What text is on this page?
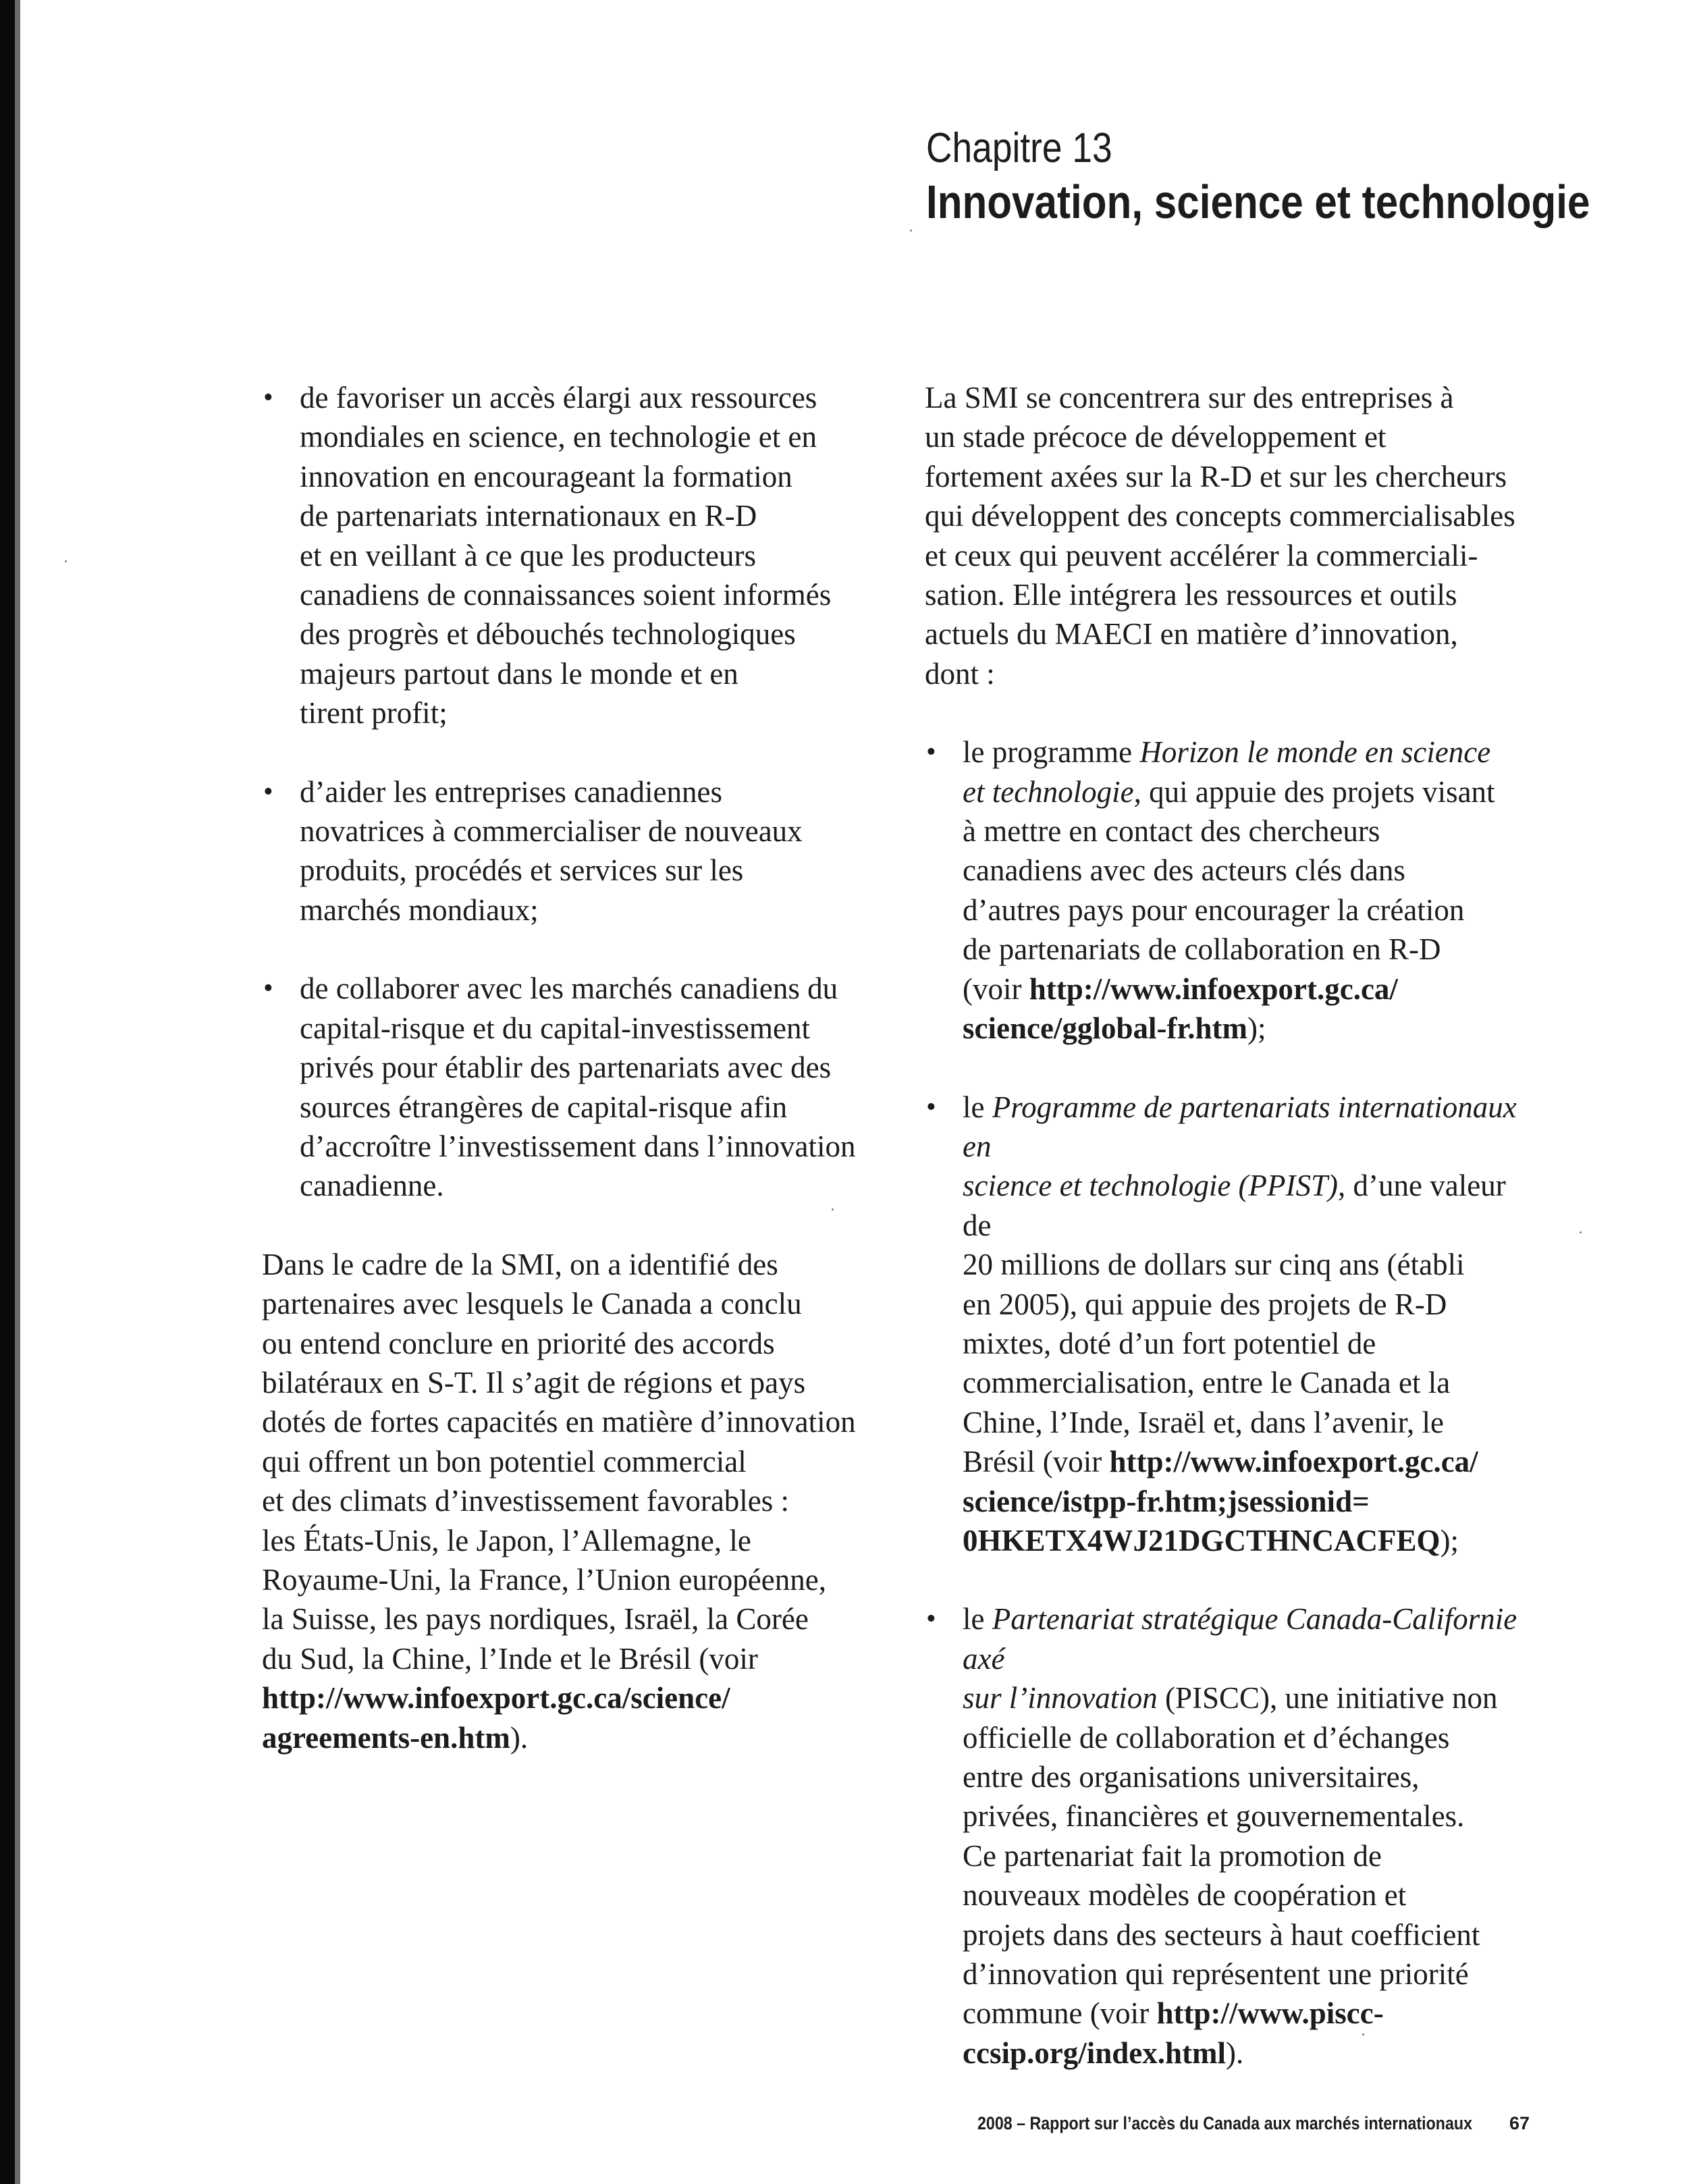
Chapitre 13
Innovation, science et technologie
• de favoriser un accès élargi aux ressources
mondiales en science, en technologie et en
innovation en encourageant la formation
de partenariats internationaux en R-D
et en veillant à ce que les producteurs
canadiens de connaissances soient informés
des progrès et débouchés technologiques
majeurs partout dans le monde et en
tirent profit;
• d’aider les entreprises canadiennes
novatrices à commercialiser de nouveaux
produits, procédés et services sur les
marchés mondiaux;
• de collaborer avec les marchés canadiens du
capital-risque et du capital-investissement
privés pour établir des partenariats avec des
sources étrangères de capital-risque afin
d’accroître l’investissement dans l’innovation
canadienne.

Dans le cadre de la SMI, on a identifié des
partenaires avec lesquels le Canada a conclu
ou entend conclure en priorité des accords
bilatéraux en S-T. Il s’agit de régions et pays
dotés de fortes capacités en matière d’innovation
qui offrent un bon potentiel commercial
et des climats d’investissement favorables :
les États-Unis, le Japon, l’Allemagne, le
Royaume-Uni, la France, l’Union européenne,
la Suisse, les pays nordiques, Israël, la Corée
du Sud, la Chine, l’Inde et le Brésil (voir
http://www.infoexport.gc.ca/science/
agreements-en.htm).

La SMI se concentrera sur des entreprises à
un stade précoce de développement et
fortement axées sur la R-D et sur les chercheurs
qui développent des concepts commercialisables
et ceux qui peuvent accélérer la commerciali-
sation. Elle intégrera les ressources et outils
actuels du MAECI en matière d’innovation,
dont :

• le programme Horizon le monde en science
et technologie, qui appuie des projets visant
à mettre en contact des chercheurs
canadiens avec des acteurs clés dans
d’autres pays pour encourager la création
de partenariats de collaboration en R-D
(voir http://www.infoexport.gc.ca/
science/gglobal-fr.htm);
• le Programme de partenariats internationaux en
science et technologie (PPIST), d’une valeur de
20 millions de dollars sur cinq ans (établi
en 2005), qui appuie des projets de R-D
mixtes, doté d’un fort potentiel de
commercialisation, entre le Canada et la
Chine, l’Inde, Israël et, dans l’avenir, le
Brésil (voir http://www.infoexport.gc.ca/
science/istpp-fr.htm;jsessionid=
0HKETX4WJ21DGCTHNCACFEQ);
• le Partenariat stratégique Canada-Californie axé
sur l’innovation (PISCC), une initiative non
officielle de collaboration et d’échanges
entre des organisations universitaires,
privées, financières et gouvernementales.
Ce partenariat fait la promotion de
nouveaux modèles de coopération et
projets dans des secteurs à haut coefficient
d’innovation qui représentent une priorité
commune (voir http://www.piscc-
ccsip.org/index.html).
2008 – Rapport sur l’accès du Canada aux marchés internationaux	67
